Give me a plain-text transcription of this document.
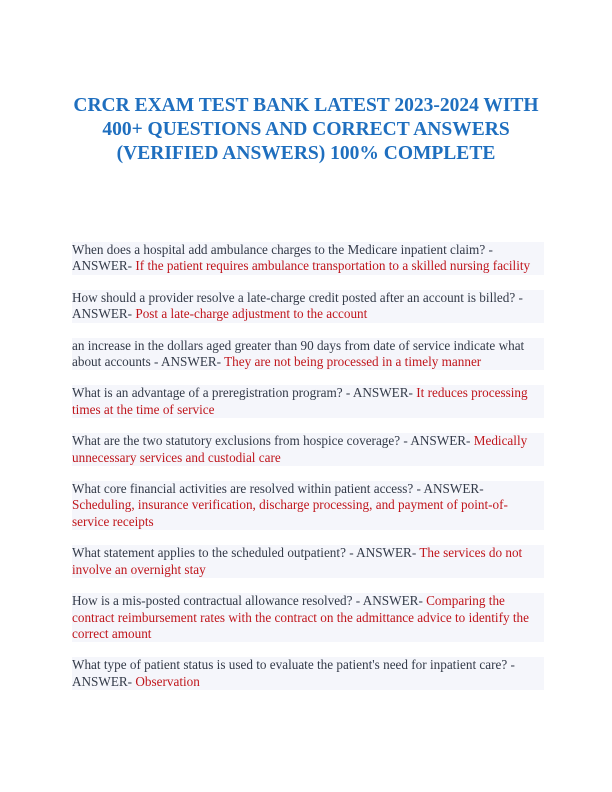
CRCR EXAM TEST BANK LATEST 2023-2024 WITH 400+ QUESTIONS AND CORRECT ANSWERS (VERIFIED ANSWERS) 100% COMPLETE

When does a hospital add ambulance charges to the Medicare inpatient claim? - ANSWER- If the patient requires ambulance transportation to a skilled nursing facility

How should a provider resolve a late-charge credit posted after an account is billed? - ANSWER- Post a late-charge adjustment to the account

an increase in the dollars aged greater than 90 days from date of service indicate what about accounts - ANSWER- They are not being processed in a timely manner

What is an advantage of a preregistration program? - ANSWER- It reduces processing times at the time of service

What are the two statutory exclusions from hospice coverage? - ANSWER- Medically unnecessary services and custodial care

What core financial activities are resolved within patient access? - ANSWER- Scheduling, insurance verification, discharge processing, and payment of point-of-service receipts

What statement applies to the scheduled outpatient? - ANSWER- The services do not involve an overnight stay

How is a mis-posted contractual allowance resolved? - ANSWER- Comparing the contract reimbursement rates with the contract on the admittance advice to identify the correct amount

What type of patient status is used to evaluate the patient's need for inpatient care? - ANSWER- Observation
